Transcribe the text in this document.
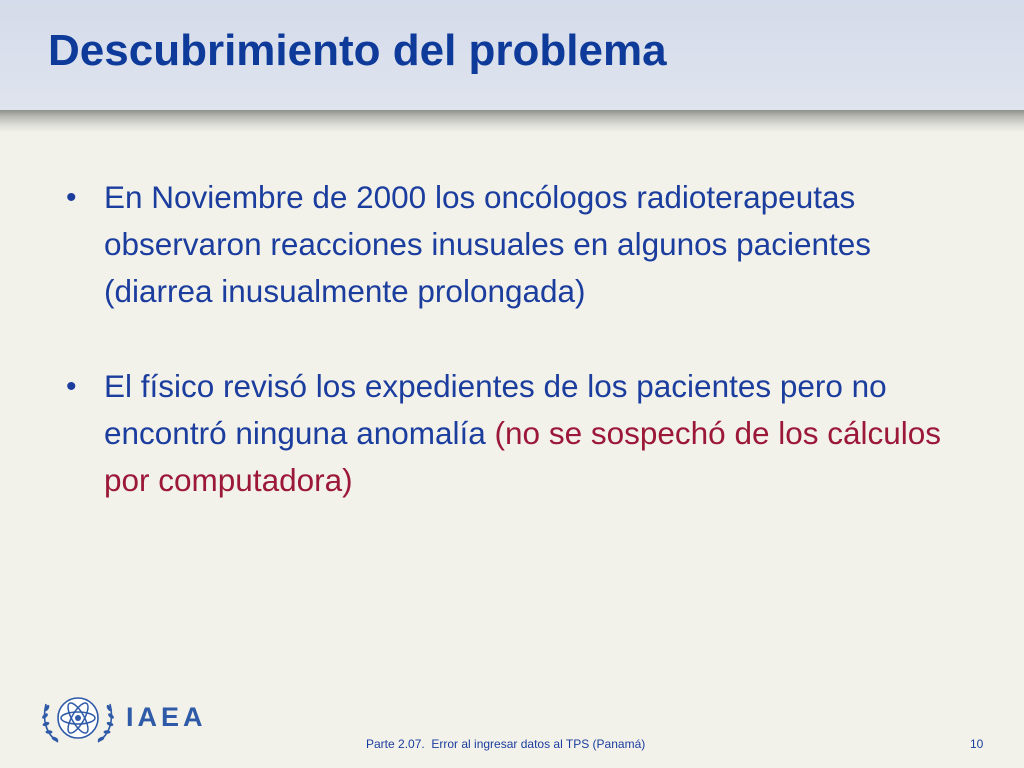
Descubrimiento del problema
• En Noviembre de 2000 los oncólogos radioterapeutas observaron reacciones inusuales en algunos pacientes (diarrea inusualmente prolongada)
• El físico revisó los expedientes de los pacientes pero no encontró ninguna anomalía (no se sospechó de los cálculos por computadora)
IAEA
Parte 2.07.  Error al ingresar datos al TPS (Panamá)	10
